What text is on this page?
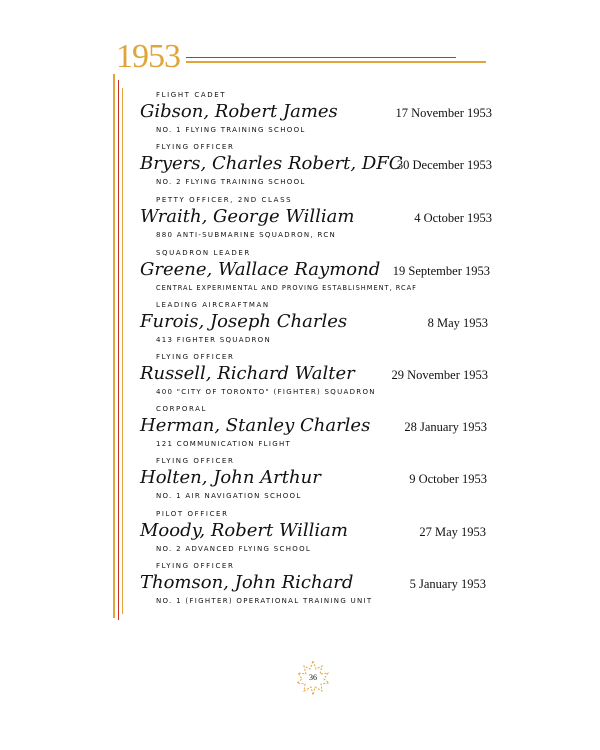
1953
FLIGHT CADET
Gibson, Robert James
NO. 1 FLYING TRAINING SCHOOL
17 November 1953
FLYING OFFICER
Bryers, Charles Robert, DFC
NO. 2 FLYING TRAINING SCHOOL
30 December 1953
PETTY OFFICER, 2ND CLASS
Wraith, George William
880 ANTI-SUBMARINE SQUADRON, RCN
4 October 1953
SQUADRON LEADER
Greene, Wallace Raymond
CENTRAL EXPERIMENTAL AND PROVING ESTABLISHMENT, RCAF
19 September 1953
LEADING AIRCRAFTMAN
Furois, Joseph Charles
413 FIGHTER SQUADRON
8 May 1953
FLYING OFFICER
Russell, Richard Walter
400 "CITY OF TORONTO" (FIGHTER) SQUADRON
29 November 1953
CORPORAL
Herman, Stanley Charles
121 COMMUNICATION FLIGHT
28 January 1953
FLYING OFFICER
Holten, John Arthur
NO. 1 AIR NAVIGATION SCHOOL
9 October 1953
PILOT OFFICER
Moody, Robert William
NO. 2 ADVANCED FLYING SCHOOL
27 May 1953
FLYING OFFICER
Thomson, John Richard
NO. 1 (FIGHTER) OPERATIONAL TRAINING UNIT
5 January 1953
36
